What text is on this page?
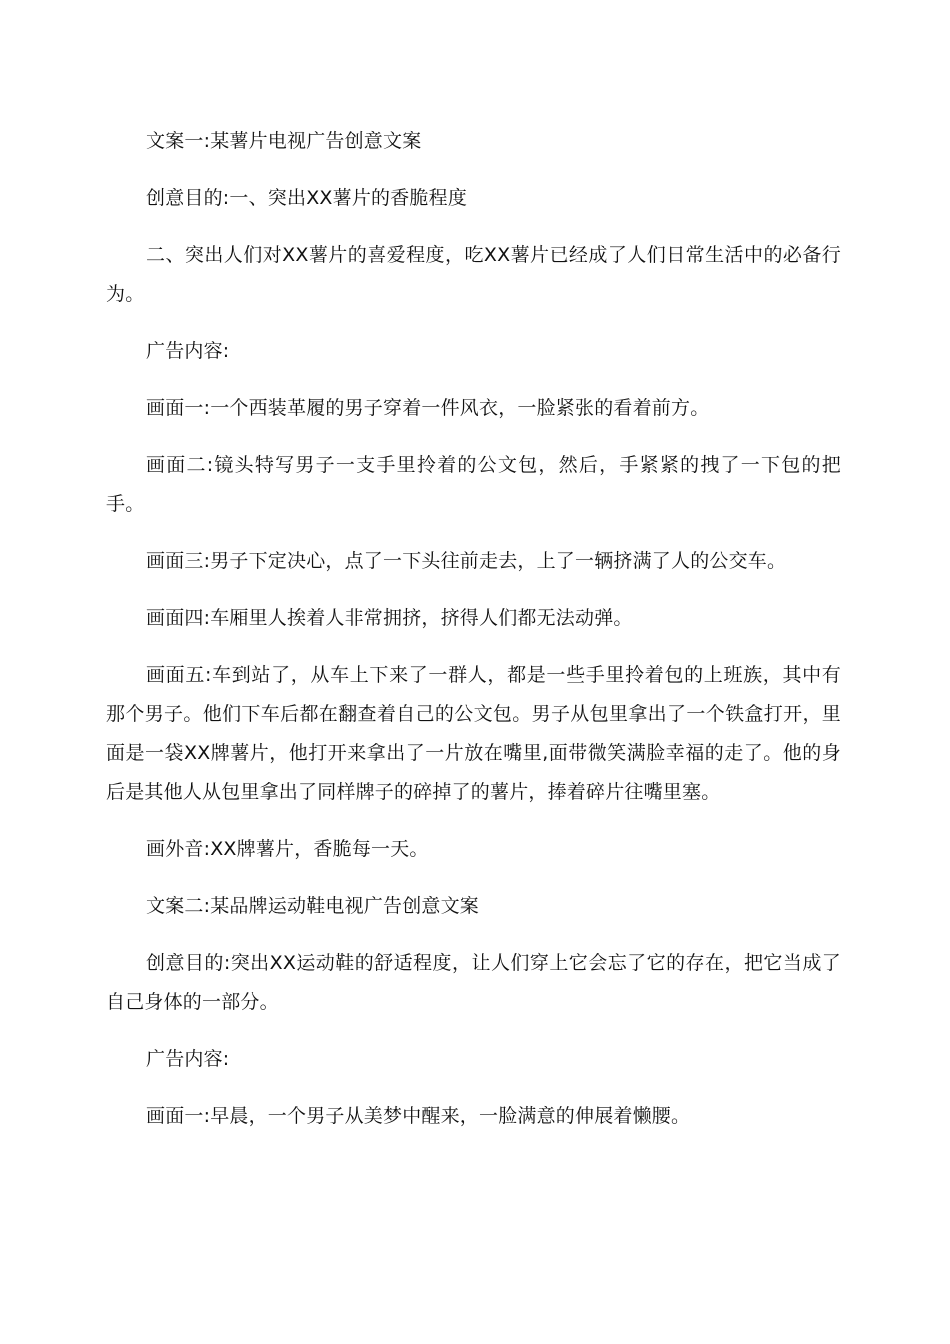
文案一:某薯片电视广告创意文案

创意目的:一、突出XX薯片的香脆程度

二、突出人们对XX薯片的喜爱程度，吃XX薯片已经成了人们日常生活中的必备行为。

广告内容:

画面一:一个西装革履的男子穿着一件风衣，一脸紧张的看着前方。

画面二:镜头特写男子一支手里拎着的公文包，然后，手紧紧的拽了一下包的把手。

画面三:男子下定决心，点了一下头往前走去，上了一辆挤满了人的公交车。

画面四:车厢里人挨着人非常拥挤，挤得人们都无法动弹。

画面五:车到站了，从车上下来了一群人，都是一些手里拎着包的上班族，其中有那个男子。他们下车后都在翻查着自己的公文包。男子从包里拿出了一个铁盒打开，里面是一袋XX牌薯片，他打开来拿出了一片放在嘴里,面带微笑满脸幸福的走了。他的身后是其他人从包里拿出了同样牌子的碎掉了的薯片，捧着碎片往嘴里塞。

画外音:XX牌薯片，香脆每一天。

文案二:某品牌运动鞋电视广告创意文案

创意目的:突出XX运动鞋的舒适程度，让人们穿上它会忘了它的存在，把它当成了自己身体的一部分。

广告内容:

画面一:早晨，一个男子从美梦中醒来，一脸满意的伸展着懒腰。
